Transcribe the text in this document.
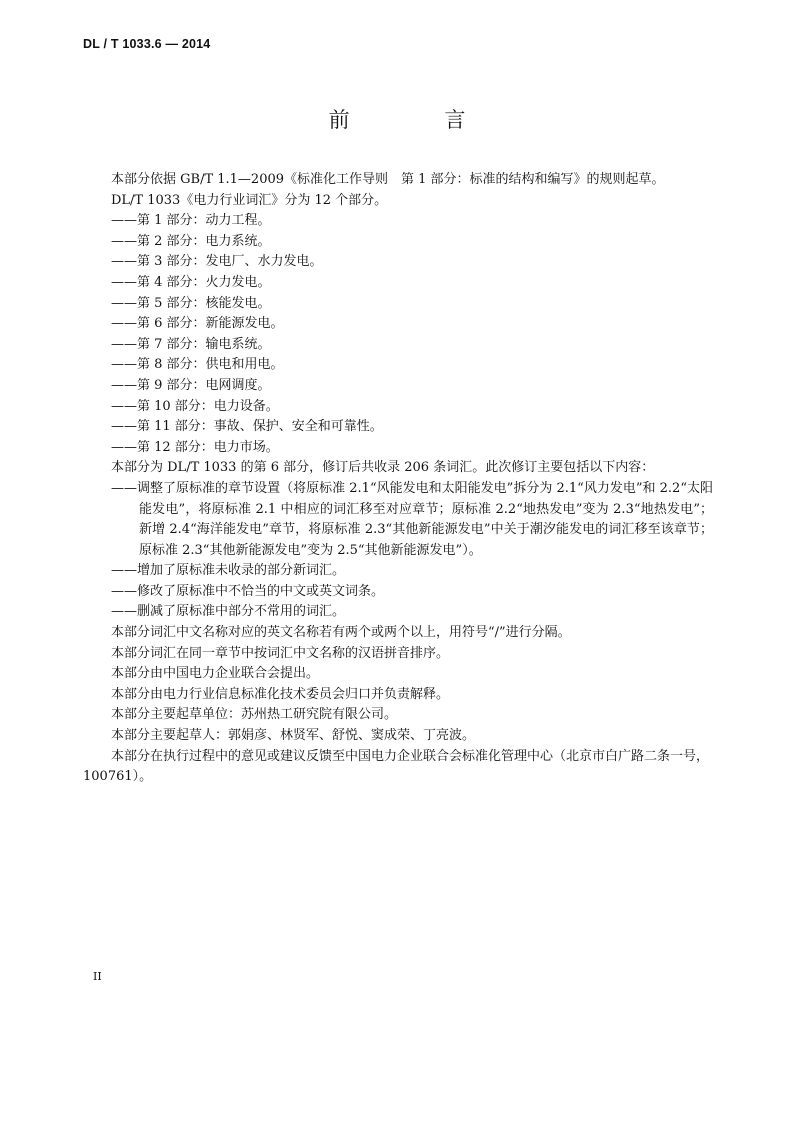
DL / T 1033.6 — 2014
前 言

本部分依据 GB/T 1.1—2009《标准化工作导则　第 1 部分：标准的结构和编写》的规则起草。

DL/T 1033《电力行业词汇》分为 12 个部分。

——第 1 部分：动力工程。

——第 2 部分：电力系统。

——第 3 部分：发电厂、水力发电。

——第 4 部分：火力发电。

——第 5 部分：核能发电。

——第 6 部分：新能源发电。

——第 7 部分：输电系统。

——第 8 部分：供电和用电。

——第 9 部分：电网调度。

——第 10 部分：电力设备。

——第 11 部分：事故、保护、安全和可靠性。

——第 12 部分：电力市场。

本部分为 DL/T 1033 的第 6 部分，修订后共收录 206 条词汇。此次修订主要包括以下内容：

——调整了原标准的章节设置（将原标准 2.1“风能发电和太阳能发电”拆分为 2.1“风力发电”和 2.2“太阳能发电”，将原标准 2.1 中相应的词汇移至对应章节；原标准 2.2“地热发电”变为 2.3“地热发电”；新增 2.4“海洋能发电”章节，将原标准 2.3“其他新能源发电”中关于潮汐能发电的词汇移至该章节；原标准 2.3“其他新能源发电”变为 2.5“其他新能源发电”）。

——增加了原标准未收录的部分新词汇。

——修改了原标准中不恰当的中文或英文词条。

——删减了原标准中部分不常用的词汇。

本部分词汇中文名称对应的英文名称若有两个或两个以上，用符号“/”进行分隔。

本部分词汇在同一章节中按词汇中文名称的汉语拼音排序。

本部分由中国电力企业联合会提出。

本部分由电力行业信息标准化技术委员会归口并负责解释。

本部分主要起草单位：苏州热工研究院有限公司。

本部分主要起草人：郭娟彦、林贤军、舒悦、窦成荣、丁亮波。

本部分在执行过程中的意见或建议反馈至中国电力企业联合会标准化管理中心（北京市白广路二条一号，100761）。

II
